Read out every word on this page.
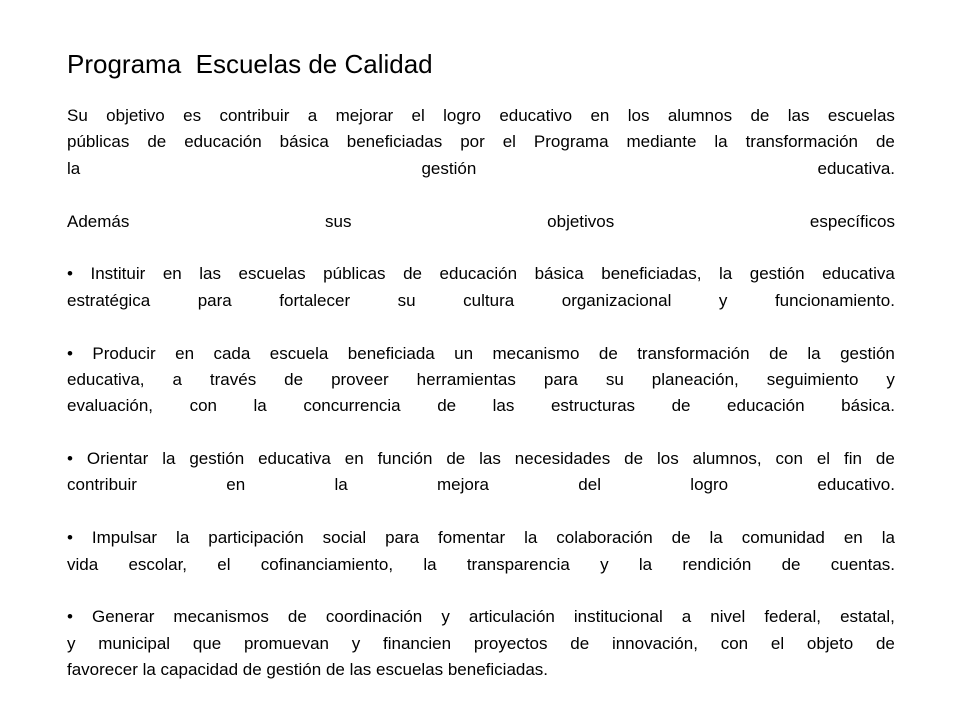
Programa  Escuelas de Calidad
Su objetivo es contribuir a mejorar el logro educativo en los alumnos de las escuelas
públicas de educación básica beneficiadas por el Programa mediante la transformación de
la	gestión	educativa.
Además	sus	objetivos	específicos
• Instituir en las escuelas públicas de educación básica beneficiadas, la gestión educativa
estratégica	para	fortalecer	su	cultura	organizacional	y	funcionamiento.
• Producir en cada escuela beneficiada un mecanismo de transformación de la gestión
educativa, a través de proveer herramientas para su planeación, seguimiento y
evaluación, con la concurrencia de las estructuras de educación básica.
• Orientar la gestión educativa en función de las necesidades de los alumnos, con el fin de
contribuir	en	la	mejora	del	logro	educativo.
• Impulsar la participación social para fomentar la colaboración de la comunidad en la
vida escolar, el cofinanciamiento, la transparencia y la rendición de cuentas.
• Generar mecanismos de coordinación y articulación institucional a nivel federal, estatal,
y municipal que promuevan y financien proyectos de innovación, con el objeto de
favorecer la capacidad de gestión de las escuelas beneficiadas.
